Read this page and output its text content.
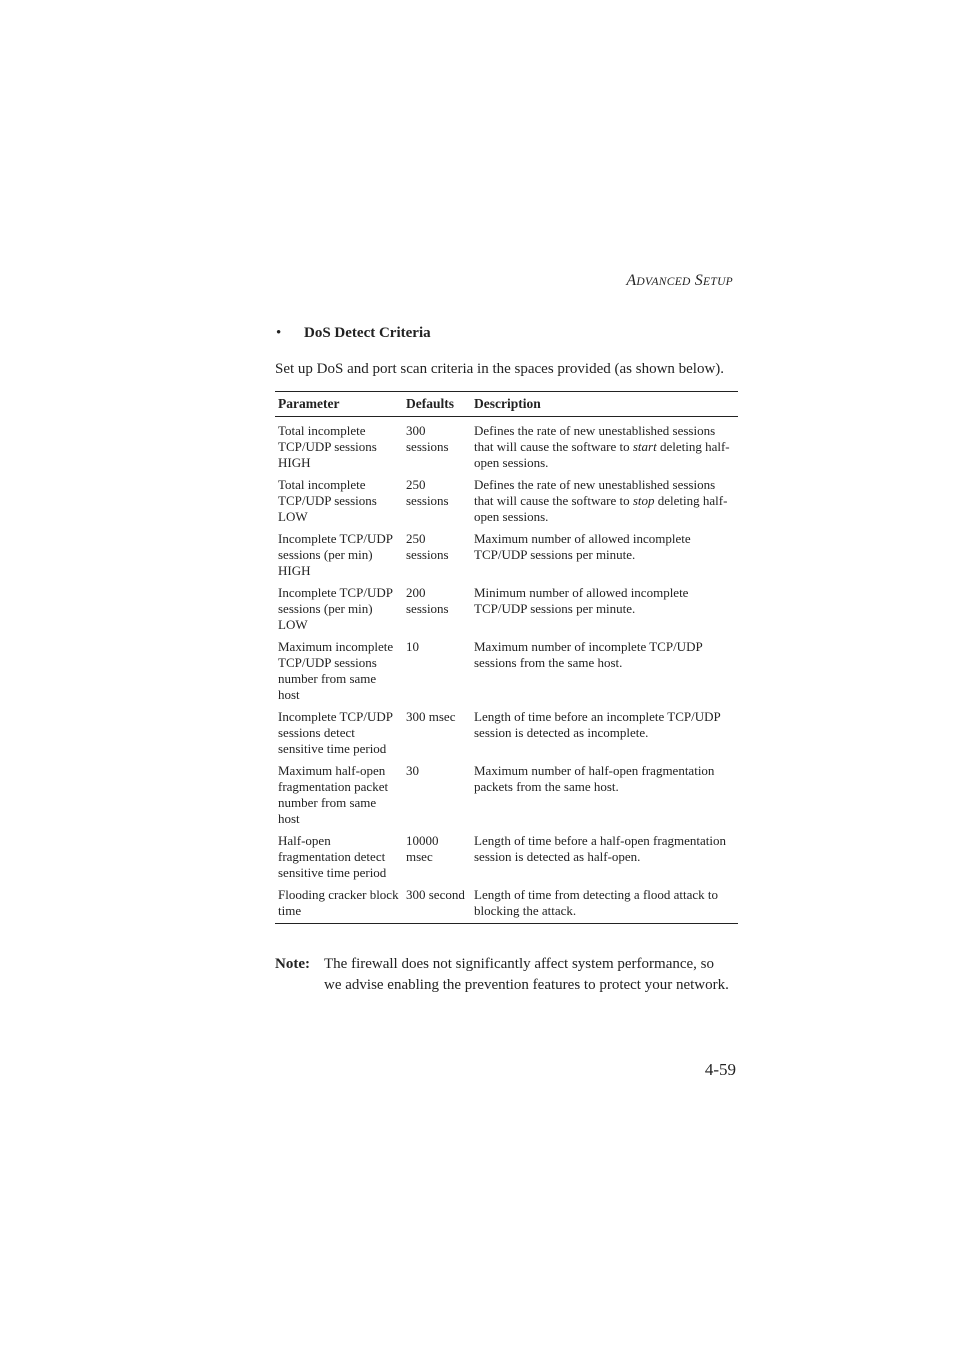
ADVANCED SETUP
• DoS Detect Criteria
Set up DoS and port scan criteria in the spaces provided (as shown below).
Parameter	Defaults	Description
Total incomplete TCP/UDP sessions HIGH	300 sessions	Defines the rate of new unestablished sessions that will cause the software to start deleting half-open sessions.
Total incomplete TCP/UDP sessions LOW	250 sessions	Defines the rate of new unestablished sessions that will cause the software to stop deleting half-open sessions.
Incomplete TCP/UDP sessions (per min) HIGH	250 sessions	Maximum number of allowed incomplete TCP/UDP sessions per minute.
Incomplete TCP/UDP sessions (per min) LOW	200 sessions	Minimum number of allowed incomplete TCP/UDP sessions per minute.
Maximum incomplete TCP/UDP sessions number from same host	10	Maximum number of incomplete TCP/UDP sessions from the same host.
Incomplete TCP/UDP sessions detect sensitive time period	300 msec	Length of time before an incomplete TCP/UDP session is detected as incomplete.
Maximum half-open fragmentation packet number from same host	30	Maximum number of half-open fragmentation packets from the same host.
Half-open fragmentation detect sensitive time period	10000 msec	Length of time before a half-open fragmentation session is detected as half-open.
Flooding cracker block time	300 second	Length of time from detecting a flood attack to blocking the attack.
Note: The firewall does not significantly affect system performance, so we advise enabling the prevention features to protect your network.
4-59
